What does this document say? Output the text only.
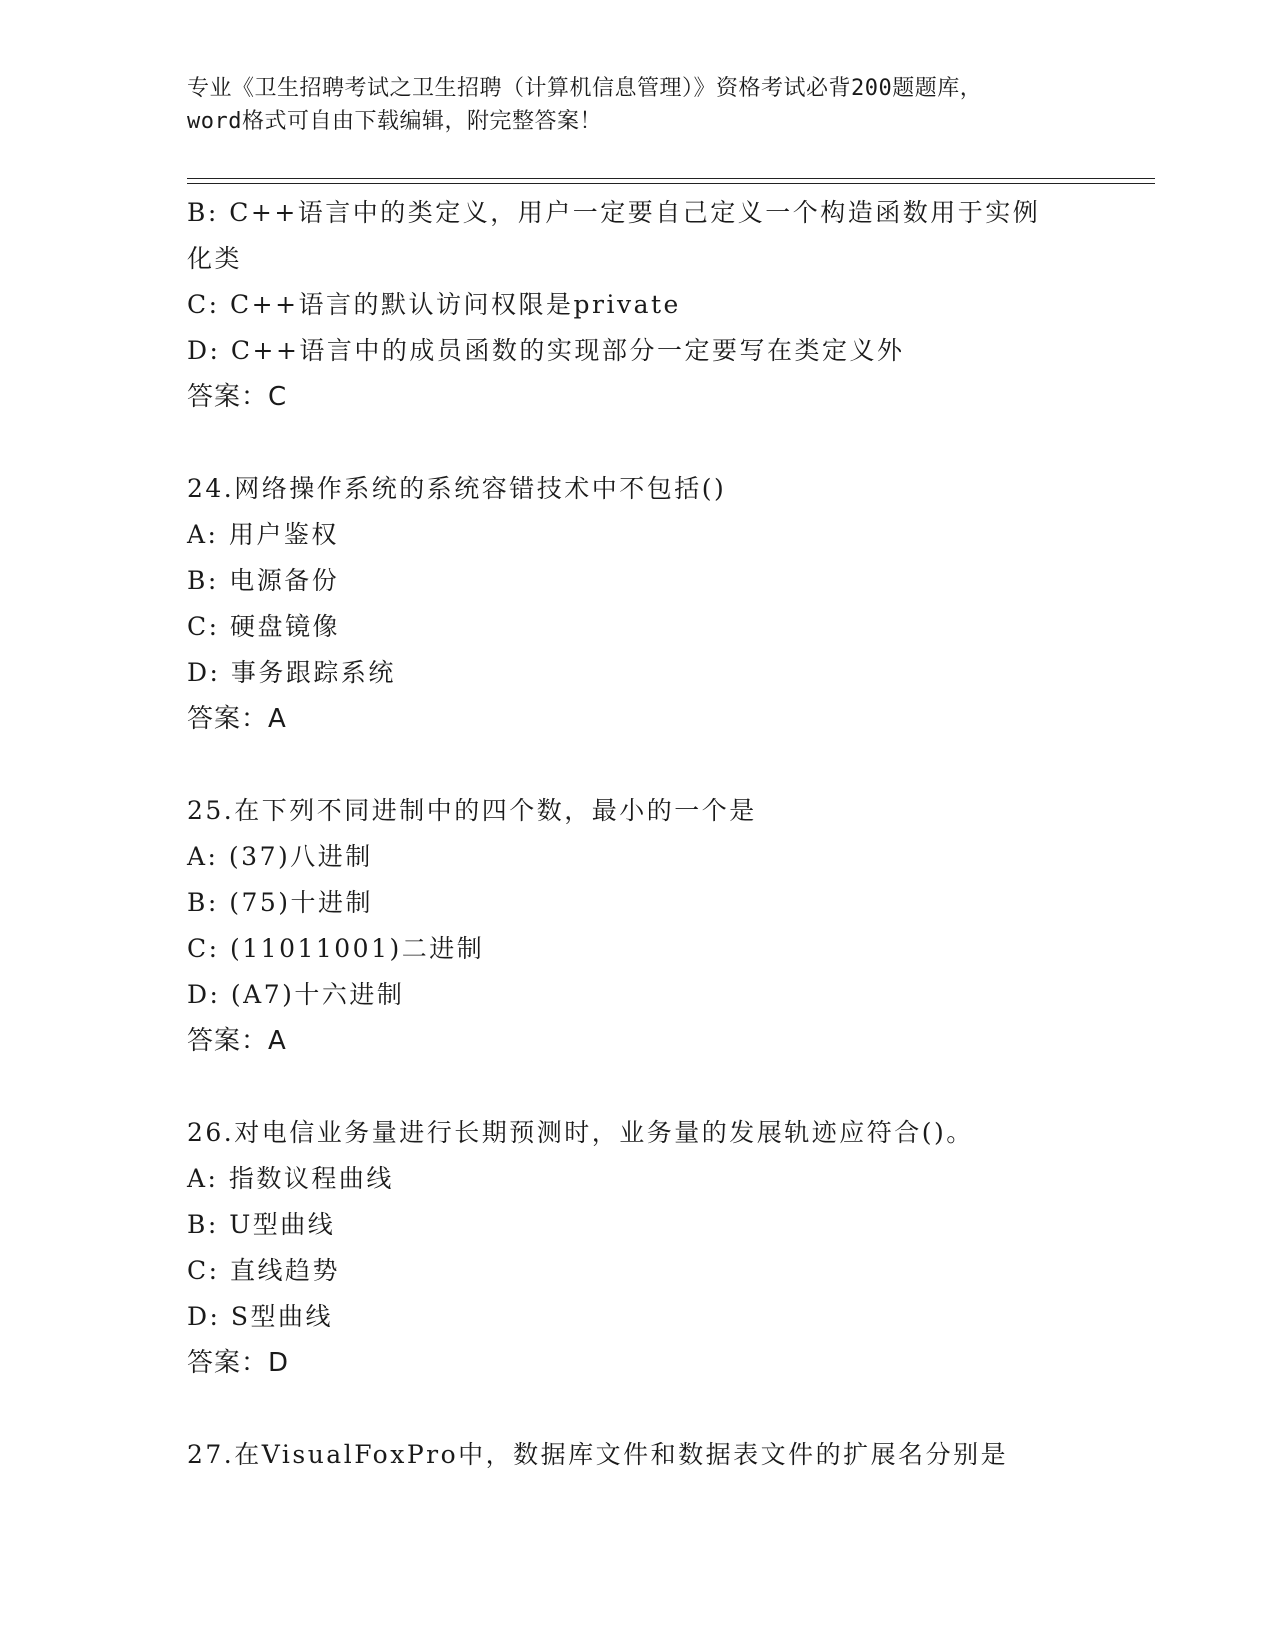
专业《卫生招聘考试之卫生招聘（计算机信息管理）》资格考试必背200题题库，
word格式可自由下载编辑，附完整答案！
B: C++语言中的类定义，用户一定要自己定义一个构造函数用于实例
化类
C: C++语言的默认访问权限是private
D: C++语言中的成员函数的实现部分一定要写在类定义外
答案：C
24.网络操作系统的系统容错技术中不包括()
A: 用户鉴权
B: 电源备份
C: 硬盘镜像
D: 事务跟踪系统
答案：A
25.在下列不同进制中的四个数，最小的一个是
A: (37)八进制
B: (75)十进制
C: (11011001)二进制
D: (A7)十六进制
答案：A
26.对电信业务量进行长期预测时，业务量的发展轨迹应符合()。
A: 指数议程曲线
B: U型曲线
C: 直线趋势
D: S型曲线
答案：D
27.在VisualFoxPro中，数据库文件和数据表文件的扩展名分别是
